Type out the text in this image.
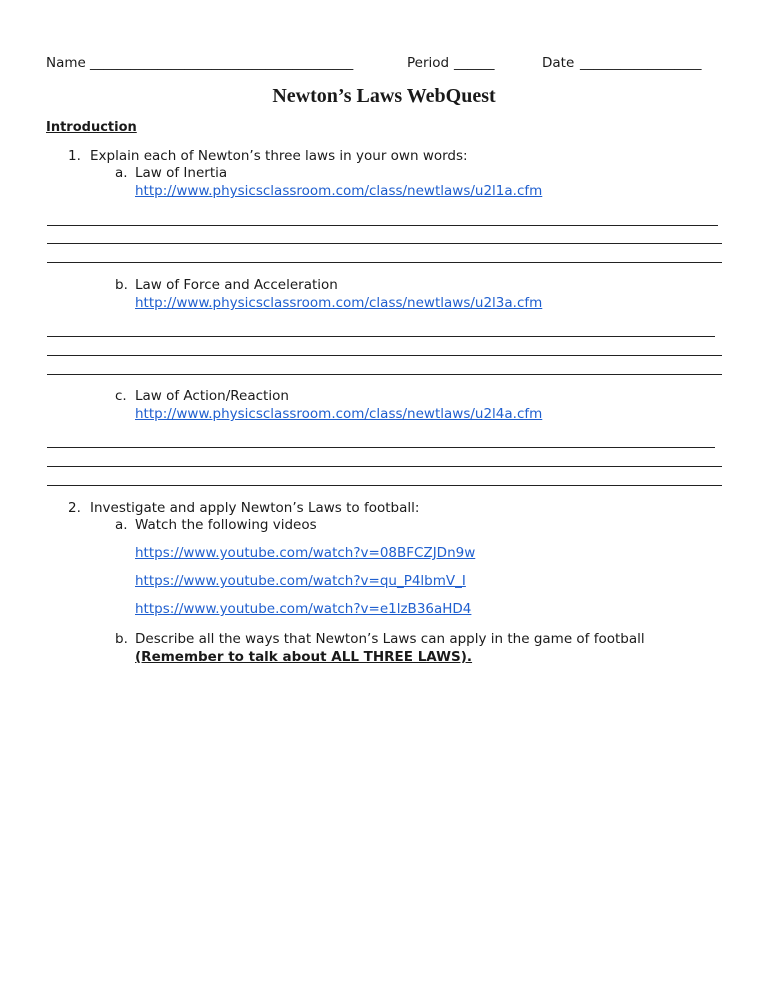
Name _______________________________________	Period ______	Date __________________
Newton’s Laws WebQuest
Introduction
1. Explain each of Newton’s three laws in your own words:
a. Law of Inertia
http://www.physicsclassroom.com/class/newtlaws/u2l1a.cfm
b. Law of Force and Acceleration
http://www.physicsclassroom.com/class/newtlaws/u2l3a.cfm
c. Law of Action/Reaction
http://www.physicsclassroom.com/class/newtlaws/u2l4a.cfm
2. Investigate and apply Newton’s Laws to football:
a. Watch the following videos
https://www.youtube.com/watch?v=08BFCZJDn9w
https://www.youtube.com/watch?v=qu_P4lbmV_I
https://www.youtube.com/watch?v=e1lzB36aHD4
b. Describe all the ways that Newton’s Laws can apply in the game of football
(Remember to talk about ALL THREE LAWS).
